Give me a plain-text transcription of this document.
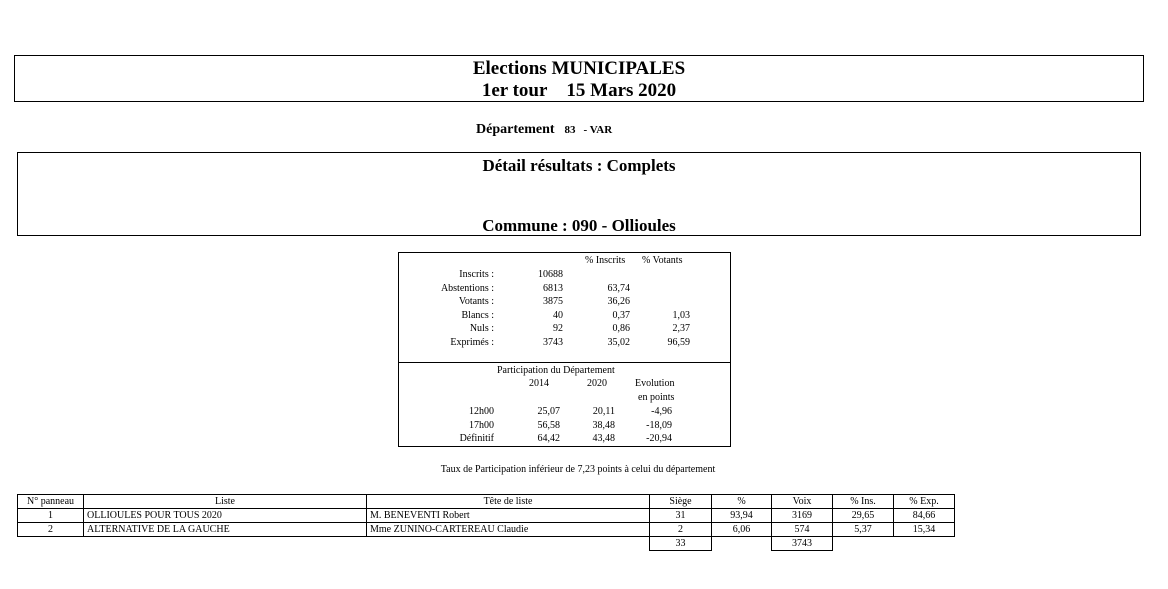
Elections MUNICIPALES
1er tour 15 Mars 2020
Département 83 - VAR
Détail résultats : Complets
Commune : 090 - Ollioules
% Inscrits % Votants
Inscrits :	10688
Abstentions :	6813	63,74
Votants :	3875	36,26
Blancs :	40	0,37	1,03
Nuls :	92	0,86	2,37
Exprimés :	3743	35,02	96,59
Participation du Département
2014	2020	Evolution
en points
12h00	25,07	20,11	-4,96
17h00	56,58	38,48	-18,09
Définitif	64,42	43,48	-20,94
Taux de Participation inférieur de 7,23 points à celui du département
N° panneau	Liste	Tête de liste	Siège	%	Voix	% Ins.	% Exp.
1	OLLIOULES POUR TOUS 2020	M. BENEVENTI Robert	31	93,94	3169	29,65	84,66
2	ALTERNATIVE DE LA GAUCHE	Mme ZUNINO-CARTEREAU Claudie	2	6,06	574	5,37	15,34
			33		3743		
